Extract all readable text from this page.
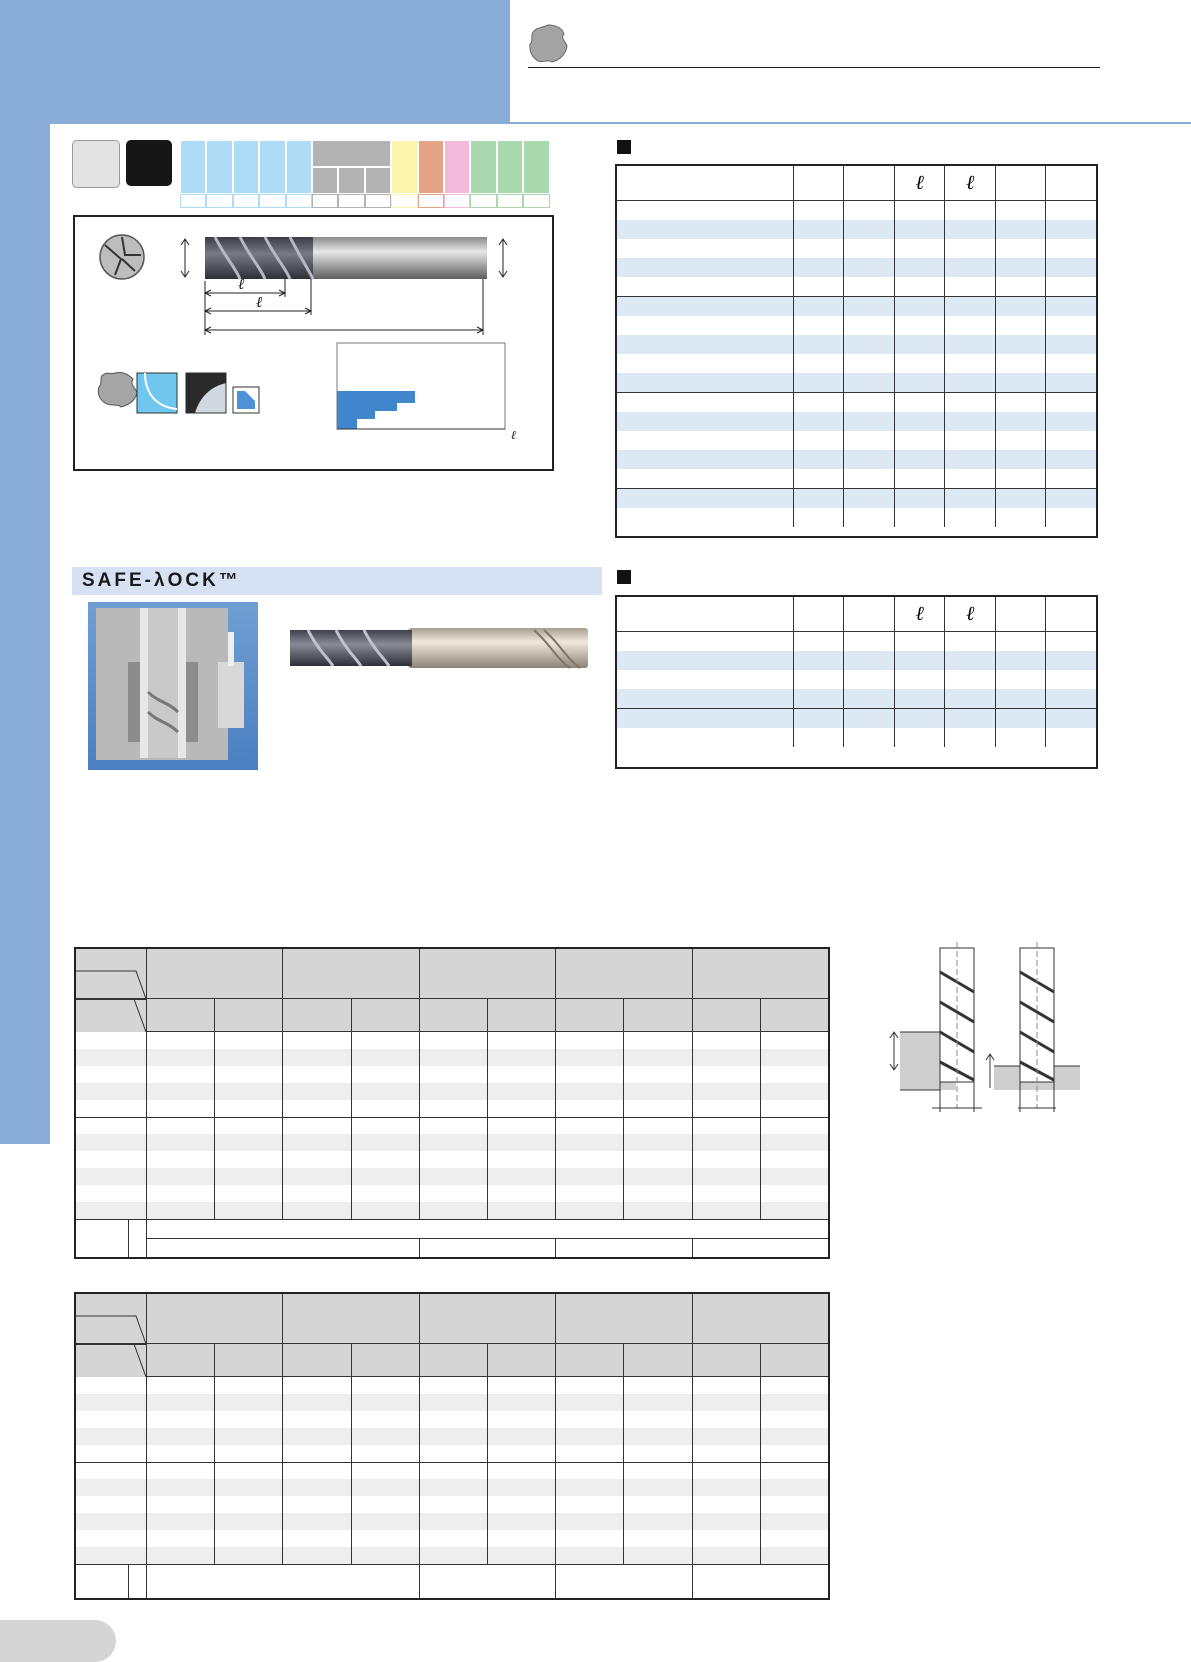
ℓ
ℓ
ℓ
SAFE-λOCK™
			ℓ	ℓ		

			ℓ	ℓ		
